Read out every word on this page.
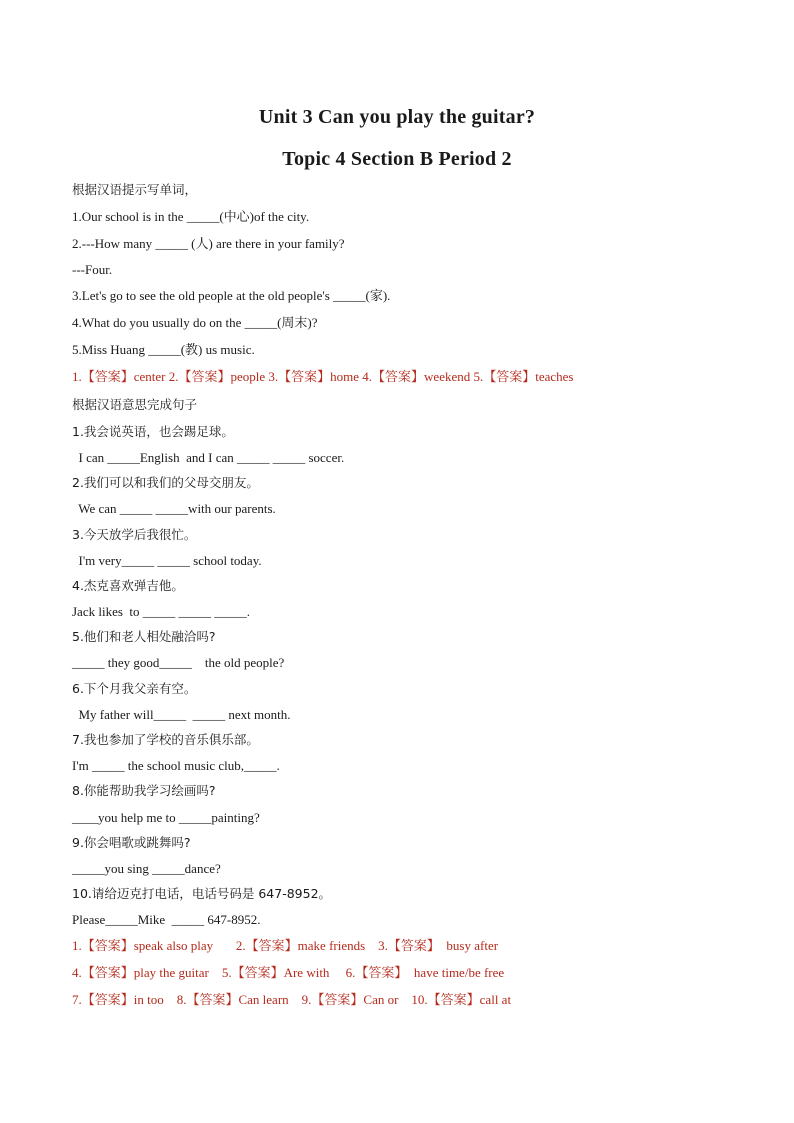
Unit 3 Can you play the guitar?
Topic 4 Section B Period 2
根据汉语提示写单词，
1.Our school is in the _____(中心)of the city.
2.---How many _____ (人) are there in your family?
---Four.
3.Let's go to see the old people at the old people's _____(家).
4.What do you usually do on the _____(周末)?
5.Miss Huang _____(教) us music.
1.【答案】center 2.【答案】people 3.【答案】home 4.【答案】weekend 5.【答案】teaches
根据汉语意思完成句子
1.我会说英语，也会踢足球。
I can _____English  and I can _____ _____ soccer.
2.我们可以和我们的父母交朋友。
We can _____ _____with our parents.
3.今天放学后我很忙。
I'm very_____ _____ school today.
4.杰克喜欢弹吉他。
Jack likes  to _____ _____ _____.
5.他们和老人相处融洽吗?
_____ they good_____    the old people?
6.下个月我父亲有空。
My father will_____  _____ next month.
7.我也参加了学校的音乐俱乐部。
I'm _____ the school music club,_____.
8.你能帮助我学习绘画吗?
____you help me to _____painting?
9.你会唱歌或跳舞吗?
_____you sing _____dance?
10.请给迈克打电话，电话号码是 647-8952。
Please_____Mike  _____ 647-8952.
1.【答案】speak also play       2.【答案】make friends    3.【答案】  busy after
4.【答案】play the guitar    5.【答案】Are with     6.【答案】  have time/be free
7.【答案】in too    8.【答案】Can learn    9.【答案】Can or    10.【答案】call at
